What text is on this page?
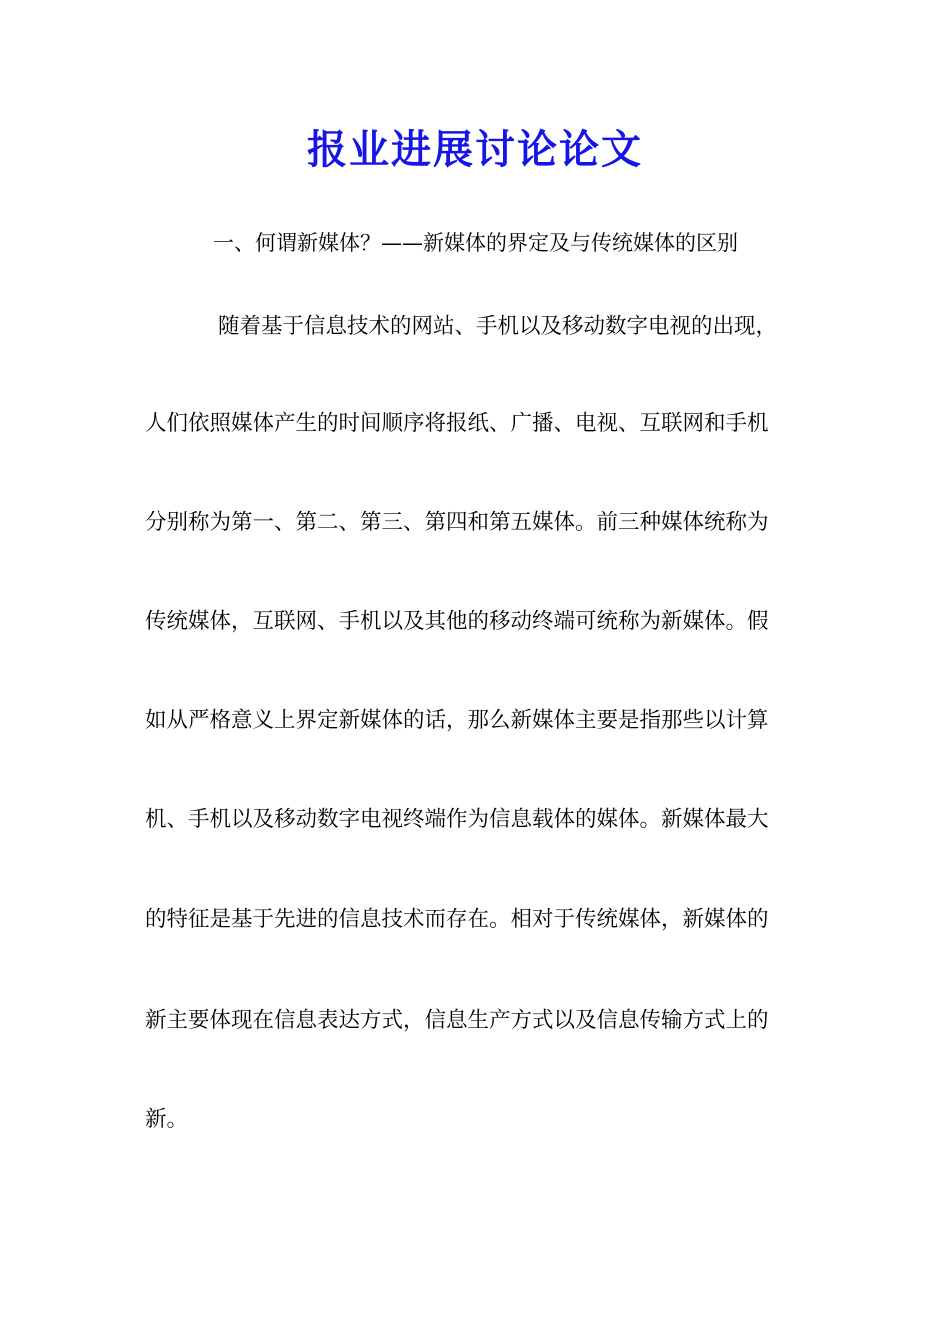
报业进展讨论论文

一、何谓新媒体？——新媒体的界定及与传统媒体的区别

随着基于信息技术的网站、手机以及移动数字电视的出现，

人们依照媒体产生的时间顺序将报纸、广播、电视、互联网和手机

分别称为第一、第二、第三、第四和第五媒体。前三种媒体统称为

传统媒体，互联网、手机以及其他的移动终端可统称为新媒体。假

如从严格意义上界定新媒体的话，那么新媒体主要是指那些以计算

机、手机以及移动数字电视终端作为信息载体的媒体。新媒体最大

的特征是基于先进的信息技术而存在。相对于传统媒体，新媒体的

新主要体现在信息表达方式，信息生产方式以及信息传输方式上的

新。
